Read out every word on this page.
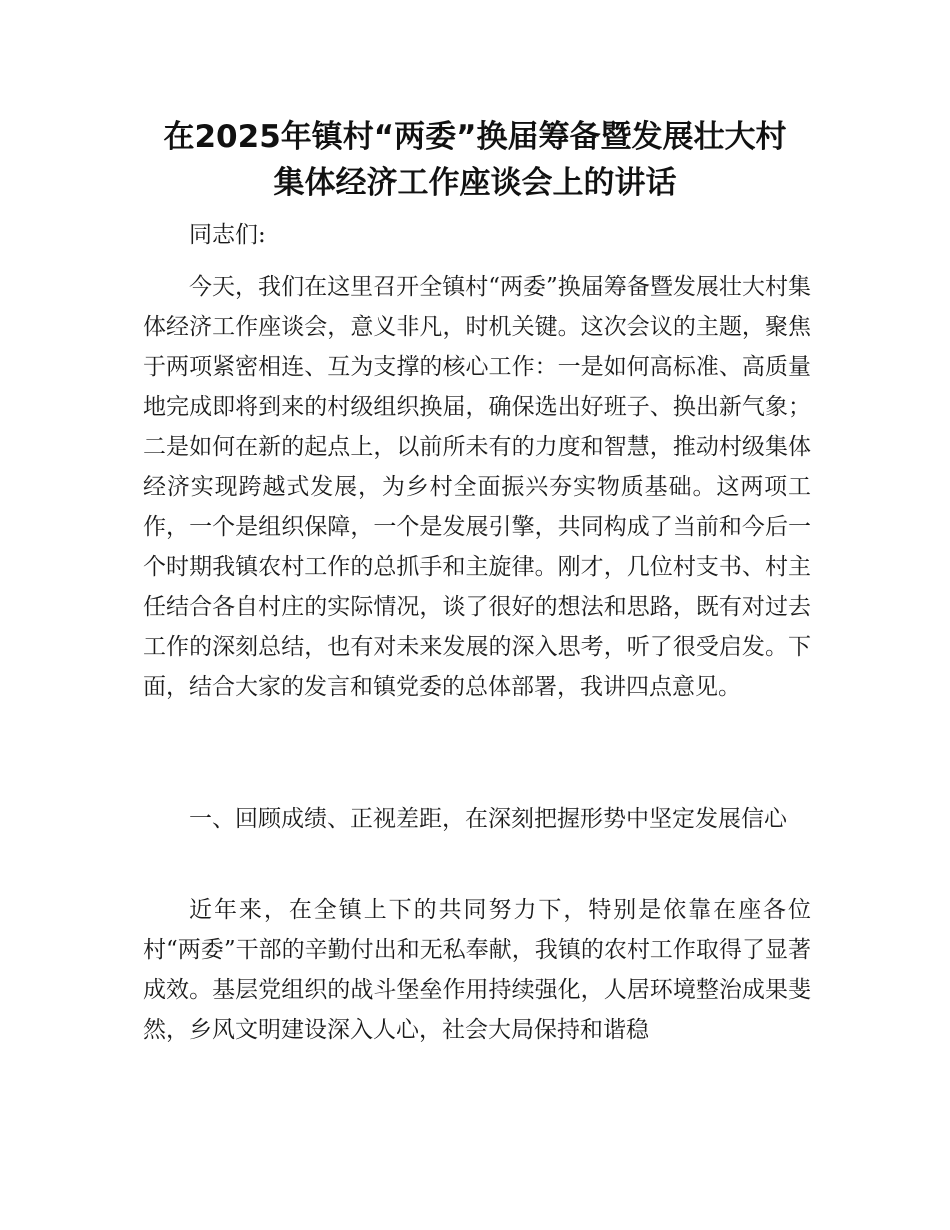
在2025年镇村“两委”换届筹备暨发展壮大村
集体经济工作座谈会上的讲话

同志们:

今天，我们在这里召开全镇村“两委”换届筹备暨发展壮大村集体经济工作座谈会，意义非凡，时机关键。这次会议的主题，聚焦于两项紧密相连、互为支撑的核心工作：一是如何高标准、高质量地完成即将到来的村级组织换届，确保选出好班子、换出新气象；二是如何在新的起点上，以前所未有的力度和智慧，推动村级集体经济实现跨越式发展，为乡村全面振兴夯实物质基础。这两项工作，一个是组织保障，一个是发展引擎，共同构成了当前和今后一个时期我镇农村工作的总抓手和主旋律。刚才，几位村支书、村主任结合各自村庄的实际情况，谈了很好的想法和思路，既有对过去工作的深刻总结，也有对未来发展的深入思考，听了很受启发。下面，结合大家的发言和镇党委的总体部署，我讲四点意见。

一、回顾成绩、正视差距，在深刻把握形势中坚定发展信心

近年来，在全镇上下的共同努力下，特别是依靠在座各位村“两委”干部的辛勤付出和无私奉献，我镇的农村工作取得了显著成效。基层党组织的战斗堡垒作用持续强化，人居环境整治成果斐然，乡风文明建设深入人心，社会大局保持和谐稳
